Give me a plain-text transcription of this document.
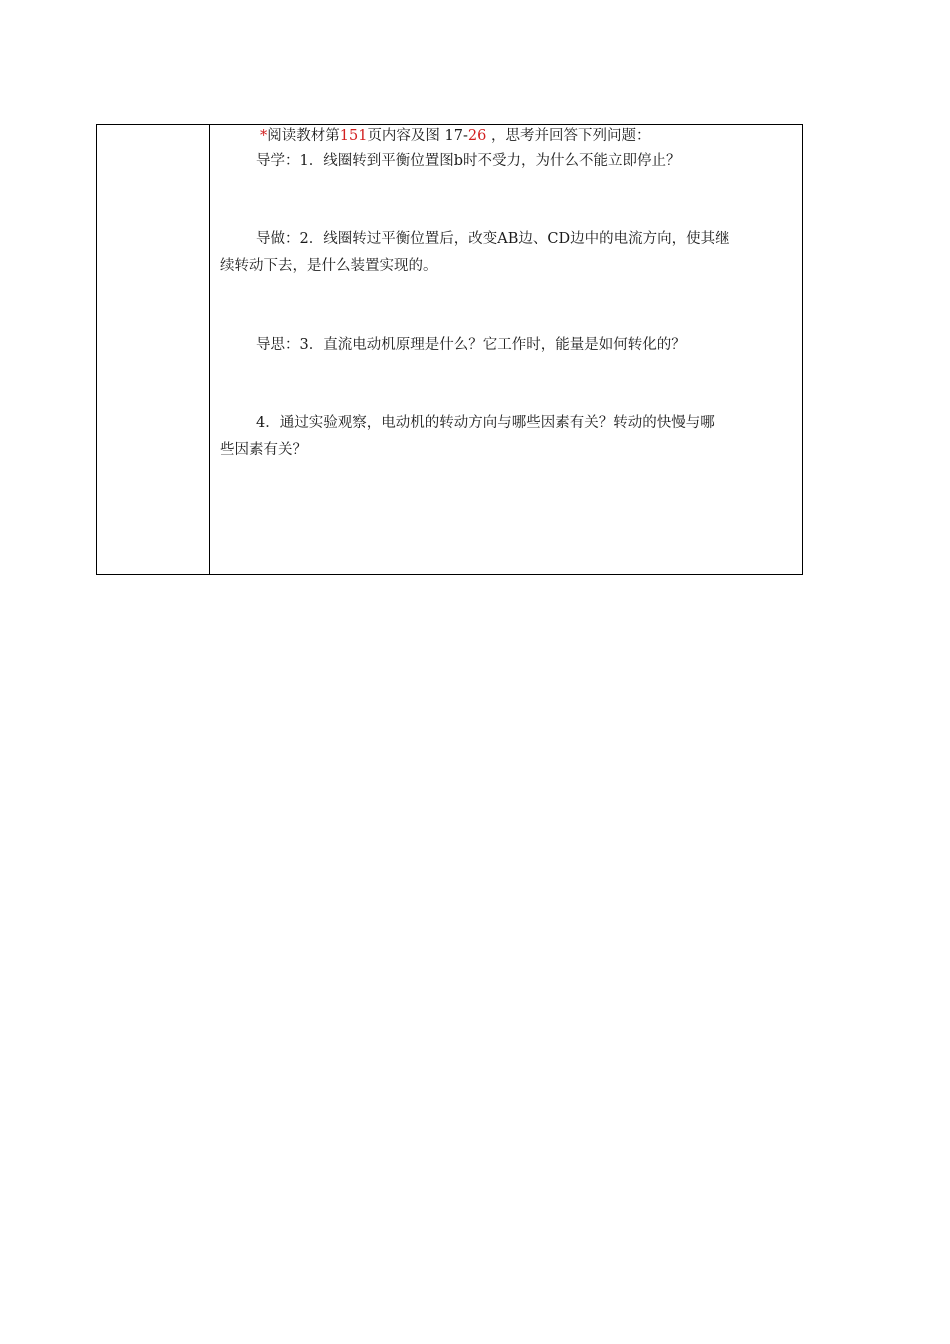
*阅读教材第151页内容及图 17-26 ，思考并回答下列问题：
导学：1．线圈转到平衡位置图b时不受力，为什么不能立即停止？
导做：2．线圈转过平衡位置后，改变AB边、CD边中的电流方向，使其继
续转动下去，是什么装置实现的。
导思：3．直流电动机原理是什么？它工作时，能量是如何转化的？
4．通过实验观察，电动机的转动方向与哪些因素有关？转动的快慢与哪
些因素有关？
